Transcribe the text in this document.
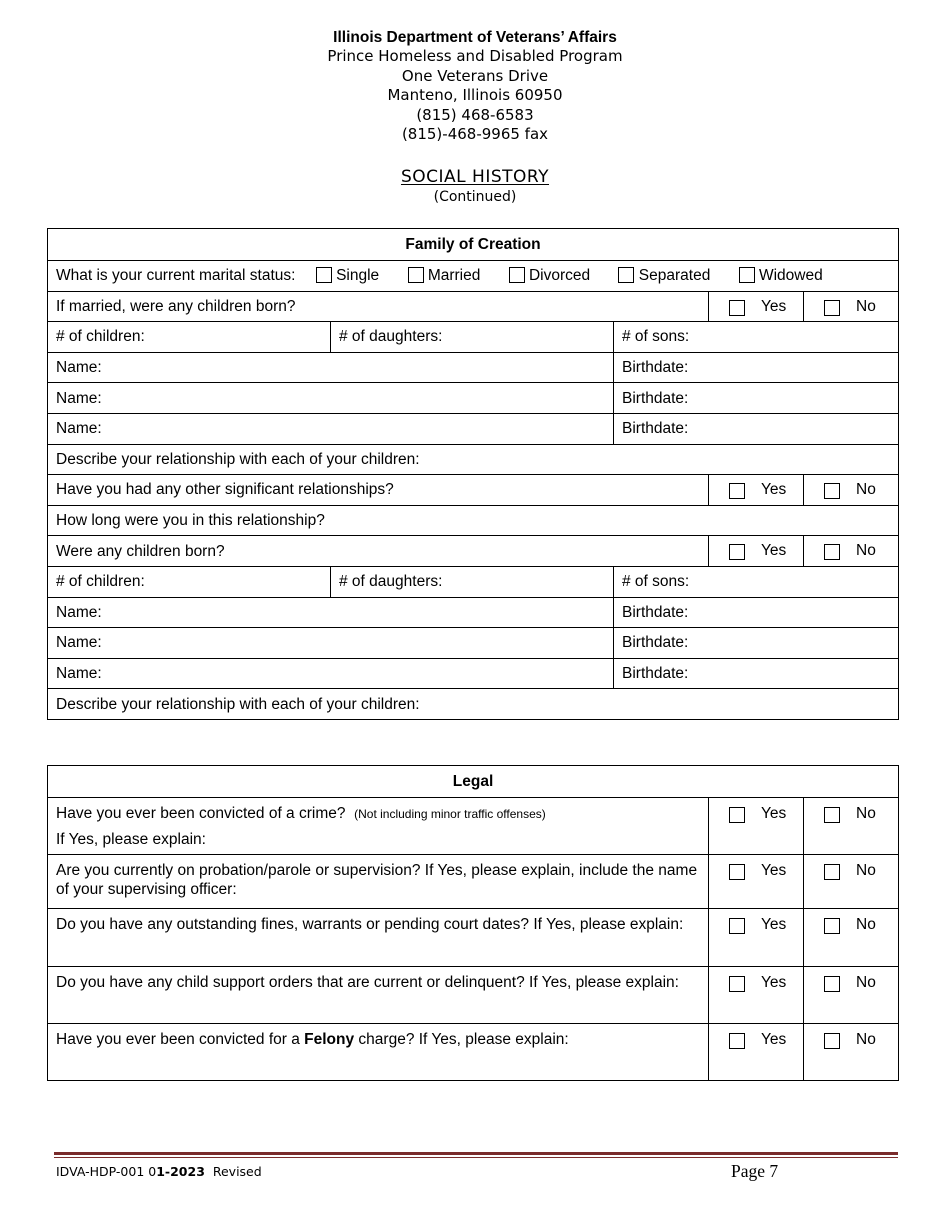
Illinois Department of Veterans’ Affairs
Prince Homeless and Disabled Program
One Veterans Drive
Manteno, Illinois 60950
(815) 468-6583
(815)-468-9965 fax
SOCIAL HISTORY
(Continued)
Family of Creation				
What is your current marital status: Single Married Divorced Separated Widowed				
If married, were any children born?			Yes	No

# of children:	# of daughters:	# of sons:		
Name:		Birthdate:		
Name:		Birthdate:		
Name:		Birthdate:		
Describe your relationship with each of your children:				
Have you had any other significant relationships?			Yes	No

How long were you in this relationship?				
Were any children born?			Yes	No

# of children:	# of daughters:	# of sons:		
Name:		Birthdate:		
Name:		Birthdate:		
Name:		Birthdate:		
Describe your relationship with each of your children:				
Legal		
Have you ever been convicted of a crime? (Not including minor traffic offenses)
If Yes, please explain:	Yes	No

Are you currently on probation/parole or supervision? If Yes, please explain, include the name of your supervising officer:	Yes	No

Do you have any outstanding fines, warrants or pending court dates? If Yes, please explain:	Yes	No

Do you have any child support orders that are current or delinquent? If Yes, please explain:	Yes	No

Have you ever been convicted for a Felony charge? If Yes, please explain:	Yes	No
IDVA-HDP-001 01-2023 Revised	Page 7
